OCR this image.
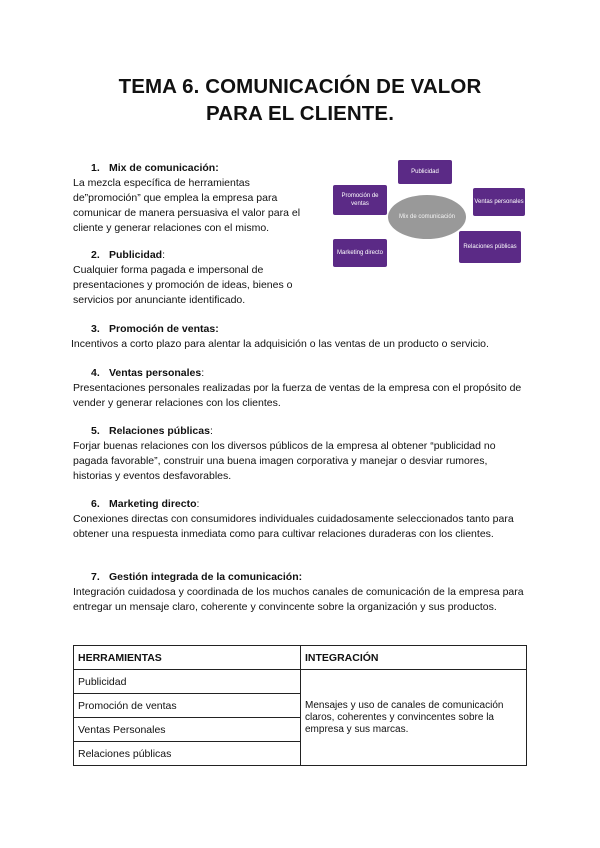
TEMA 6. COMUNICACIÓN DE VALOR
PARA EL CLIENTE.
1. Mix de comunicación:

La mezcla específica de herramientas de”promoción” que emplea la empresa para comunicar de manera persuasiva el valor para el cliente y generar relaciones con el mismo.

2. Publicidad:

Cualquier forma pagada e impersonal de presentaciones y promoción de ideas, bienes o servicios por anunciante identificado.

Mix de comunicación
Publicidad
Promoción de ventas	Ventas personales
Marketing directo
Relaciones públicas
3. Promoción de ventas:

Incentivos a corto plazo para alentar la adquisición o las ventas de un producto o servicio.

4. Ventas personales:

Presentaciones personales realizadas por la fuerza de ventas de la empresa con el propósito de vender y generar relaciones con los clientes.

5. Relaciones públicas:

Forjar buenas relaciones con los diversos públicos de la empresa al obtener “publicidad no pagada favorable”, construir una buena imagen corporativa y manejar o desviar rumores, historias y eventos desfavorables.

6. Marketing directo:

Conexiones directas con consumidores individuales cuidadosamente seleccionados tanto para obtener una respuesta inmediata como para cultivar relaciones duraderas con los clientes.

7. Gestión integrada de la comunicación:

Integración cuidadosa y coordinada de los muchos canales de comunicación de la empresa para entregar un mensaje claro, coherente y convincente sobre la organización y sus productos.

HERRAMIENTAS	INTEGRACIÓN
Publicidad	Mensajes y uso de canales de comunicación claros, coherentes y convincentes sobre la empresa y sus marcas.
Promoción de ventas	
Ventas Personales	
Relaciones públicas	
